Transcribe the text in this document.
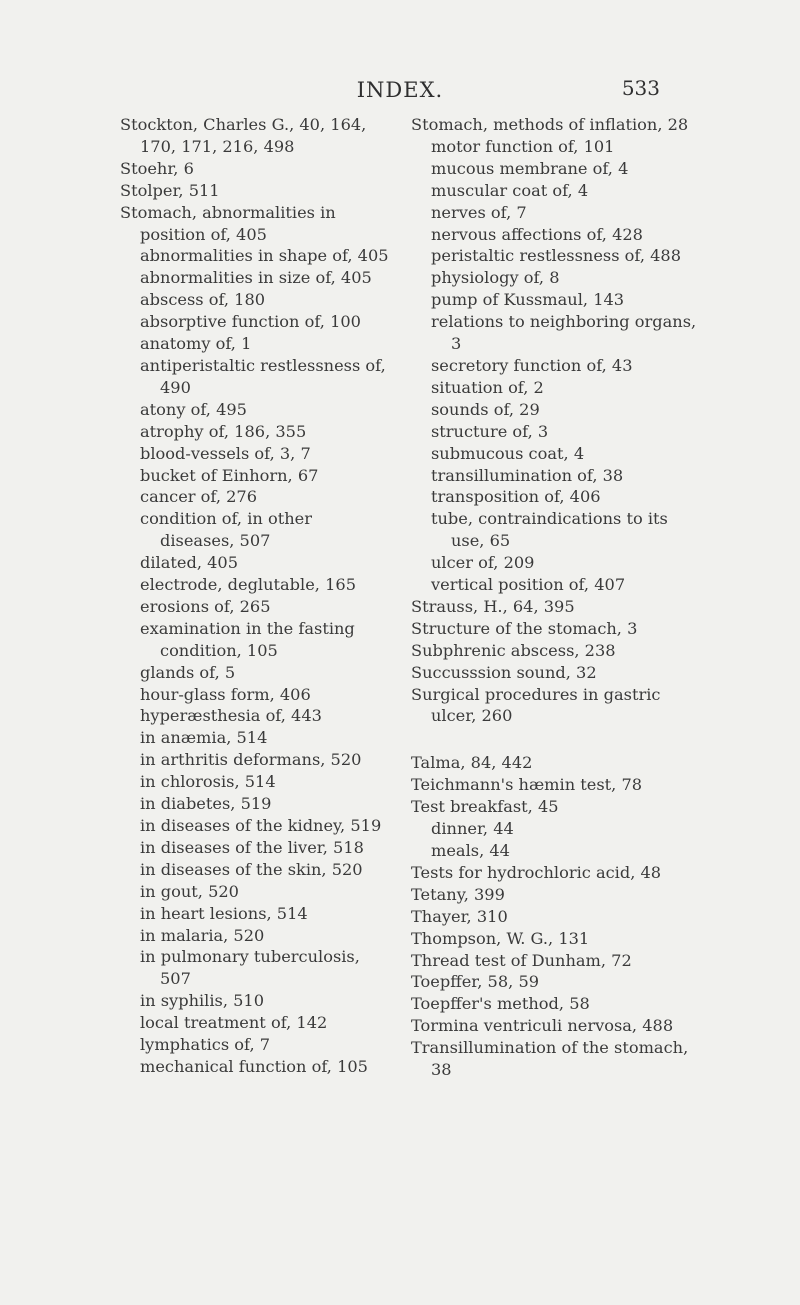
INDEX.	533
Stockton, Charles G., 40, 164, 170, 171, 216, 498
Stoehr, 6
Stolper, 511
Stomach, abnormalities in position of, 405
abnormalities in shape of, 405
abnormalities in size of, 405
abscess of, 180
absorptive function of, 100
anatomy of, 1
antiperistaltic restlessness of, 490
atony of, 495
atrophy of, 186, 355
blood-vessels of, 3, 7
bucket of Einhorn, 67
cancer of, 276
condition of, in other diseases, 507
dilated, 405
electrode, deglutable, 165
erosions of, 265
examination in the fasting condition, 105
glands of, 5
hour-glass form, 406
hyperæsthesia of, 443
in anæmia, 514
in arthritis deformans, 520
in chlorosis, 514
in diabetes, 519
in diseases of the kidney, 519
in diseases of the liver, 518
in diseases of the skin, 520
in gout, 520
in heart lesions, 514
in malaria, 520
in pulmonary tuberculosis, 507
in syphilis, 510
local treatment of, 142
lymphatics of, 7
mechanical function of, 105
Stomach, methods of inflation, 28
motor function of, 101
mucous membrane of, 4
muscular coat of, 4
nerves of, 7
nervous affections of, 428
peristaltic restlessness of, 488
physiology of, 8
pump of Kussmaul, 143
relations to neighboring organs, 3
secretory function of, 43
situation of, 2
sounds of, 29
structure of, 3
submucous coat, 4
transillumination of, 38
transposition of, 406
tube, contraindications to its use, 65
ulcer of, 209
vertical position of, 407
Strauss, H., 64, 395
Structure of the stomach, 3
Subphrenic abscess, 238
Succusssion sound, 32
Surgical procedures in gastric ulcer, 260
Talma, 84, 442
Teichmann's hæmin test, 78
Test breakfast, 45
dinner, 44
meals, 44
Tests for hydrochloric acid, 48
Tetany, 399
Thayer, 310
Thompson, W. G., 131
Thread test of Dunham, 72
Toepffer, 58, 59
Toepffer's method, 58
Tormina ventriculi nervosa, 488
Transillumination of the stomach, 38
